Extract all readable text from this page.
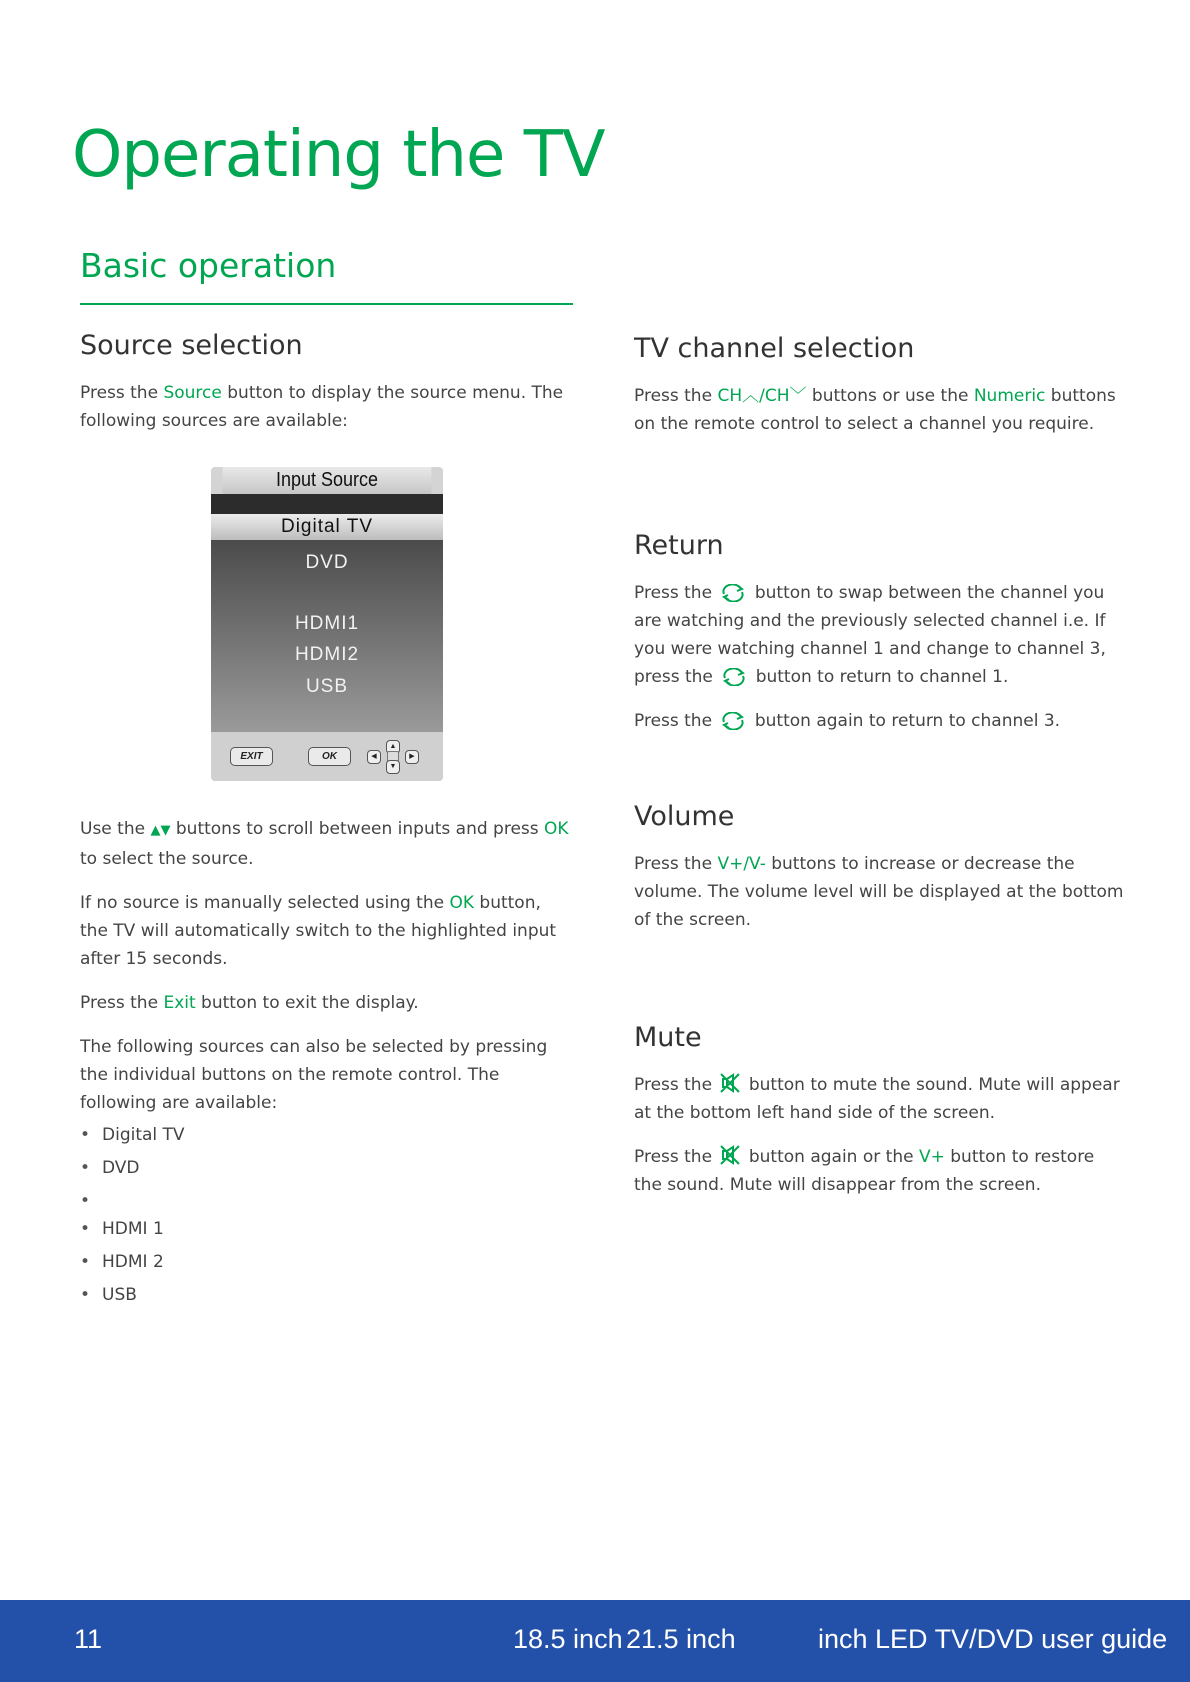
Operating the TV
Basic operation
Source selection

Press the Source button to display the source menu. The following sources are available:

Input Source
Digital TV
DVD
HDMI1
HDMI2
USB
EXIT	OK	◀
▲
▼
▶

Use the ▲▼ buttons to scroll between inputs and press OK to select the source.

If no source is manually selected using the OK button, the TV will automatically switch to the highlighted input after 15 seconds.

Press the Exit button to exit the display.

The following sources can also be selected by pressing the individual buttons on the remote control. The following are available:

• Digital TV
• DVD
•
• HDMI 1
• HDMI 2
• USB
TV channel selection

Press the CH︿/CH﹀ buttons or use the Numeric buttons on the remote control to select a channel you require.

Return

Press the  button to swap between the channel you are watching and the previously selected channel i.e. If you were watching channel 1 and change to channel 3, press the  button to return to channel 1.

Press the  button again to return to channel 3.

Volume

Press the V+/V- buttons to increase or decrease the volume. The volume level will be displayed at the bottom of the screen.

Mute

Press the  button to mute the sound. Mute will appear at the bottom left hand side of the screen.

Press the  button again or the V+ button to restore the sound. Mute will disappear from the screen.

11	18.5 inch 21.5 inch	inch LED TV/DVD user guide
